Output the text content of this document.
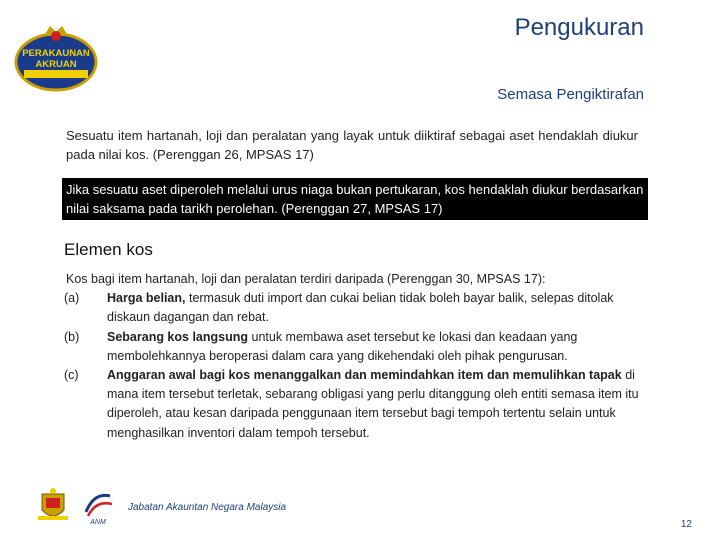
PERAKAUNAN
AKRUAN
Pengukuran
Semasa Pengiktirafan
Sesuatu item hartanah, loji dan peralatan yang layak untuk diiktiraf sebagai aset hendaklah diukur pada nilai kos. (Perenggan 26, MPSAS 17)
Jika sesuatu aset diperoleh melalui urus niaga bukan pertukaran, kos hendaklah diukur berdasarkan nilai saksama pada tarikh perolehan. (Perenggan 27, MPSAS 17)
Elemen kos

Kos bagi item hartanah, loji dan peralatan terdiri daripada (Perenggan 30, MPSAS 17):

(a)	Harga belian, termasuk duti import dan cukai belian tidak boleh bayar balik, selepas ditolak diskaun dagangan dan rebat.
(b)	Sebarang kos langsung untuk membawa aset tersebut ke lokasi dan keadaan yang membolehkannya beroperasi dalam cara yang dikehendaki oleh pihak pengurusan.
(c)	Anggaran awal bagi kos menanggalkan dan memindahkan item dan memulihkan tapak di mana item tersebut terletak, sebarang obligasi yang perlu ditanggung oleh entiti semasa item itu diperoleh, atau kesan daripada penggunaan item tersebut bagi tempoh tertentu selain untuk menghasilkan inventori dalam tempoh tersebut.
ANM
Jabatan Akauntan Negara Malaysia
12
